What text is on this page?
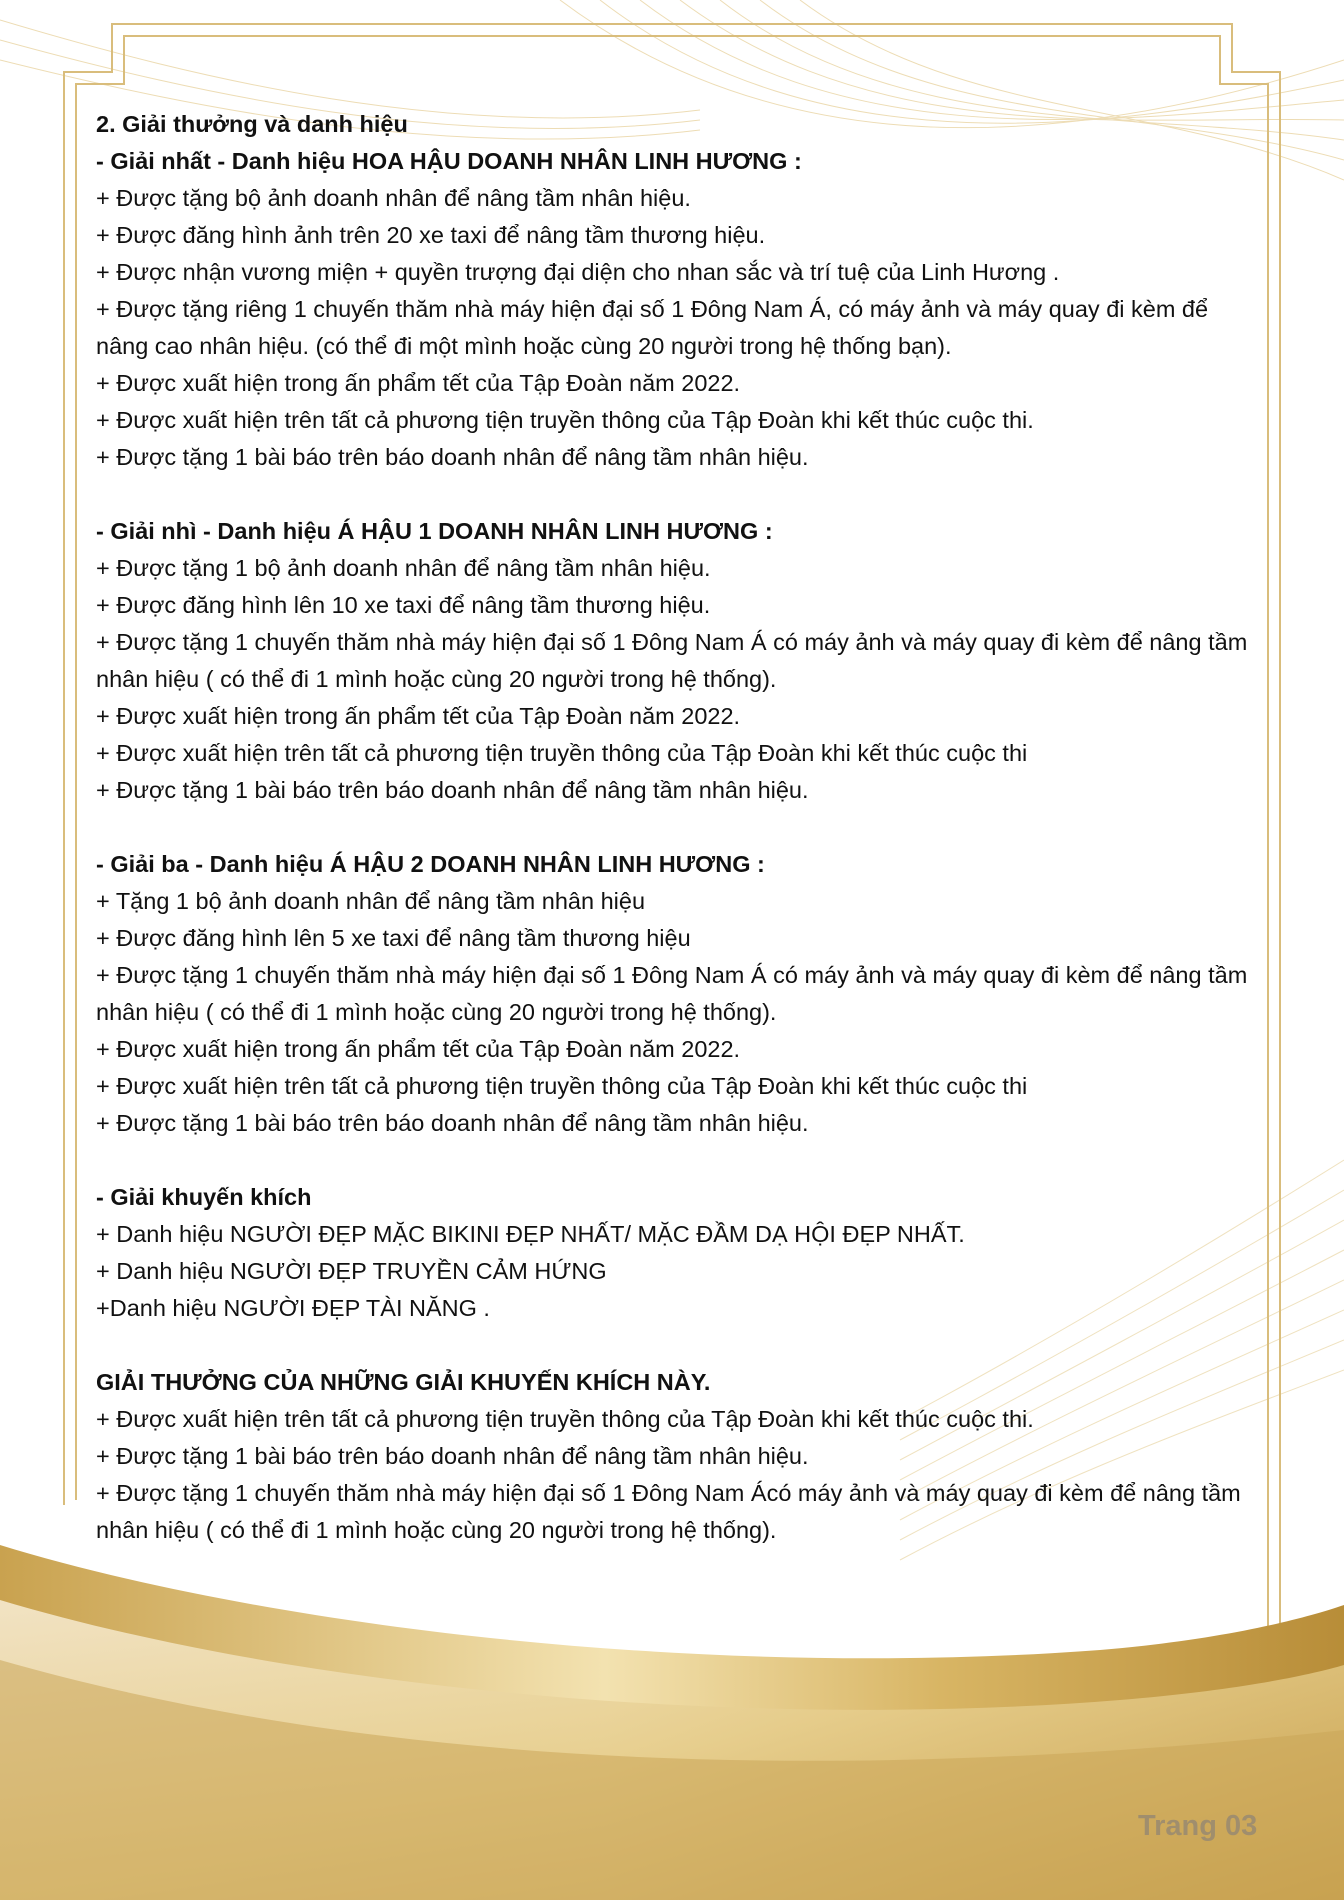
2. Giải thưởng và danh hiệu
- Giải nhất - Danh hiệu HOA HẬU DOANH NHÂN LINH HƯƠNG :
+ Được tặng bộ ảnh doanh nhân để nâng tầm nhân hiệu.
+ Được đăng hình ảnh trên 20 xe taxi để nâng tầm thương hiệu.
+ Được nhận vương miện + quyền trượng đại diện cho nhan sắc và trí tuệ của Linh Hương .
+ Được tặng riêng 1 chuyến thăm nhà máy hiện đại số 1 Đông Nam Á, có máy ảnh và máy quay đi kèm để nâng cao nhân hiệu. (có thể đi một mình hoặc cùng 20 người trong hệ thống bạn).
+ Được xuất hiện trong ấn phẩm tết của Tập Đoàn năm 2022.
+ Được xuất hiện trên tất cả phương tiện truyền thông của Tập Đoàn khi kết thúc cuộc thi.
+ Được tặng 1 bài báo trên báo doanh nhân để nâng tầm nhân hiệu.
- Giải nhì - Danh hiệu Á HẬU 1 DOANH NHÂN LINH HƯƠNG :
+ Được tặng 1 bộ ảnh doanh nhân để nâng tầm nhân hiệu.
+ Được đăng hình lên 10 xe taxi để nâng tầm thương hiệu.
+ Được tặng 1 chuyến thăm nhà máy hiện đại số 1 Đông Nam Á có máy ảnh và máy quay đi kèm để nâng tầm nhân hiệu ( có thể đi 1 mình hoặc cùng 20 người trong hệ thống).
+ Được xuất hiện trong ấn phẩm tết của Tập Đoàn năm 2022.
+ Được xuất hiện trên tất cả phương tiện truyền thông của Tập Đoàn khi kết thúc cuộc thi
+ Được tặng 1 bài báo trên báo doanh nhân để nâng tầm nhân hiệu.
- Giải ba - Danh hiệu Á HẬU 2 DOANH NHÂN LINH HƯƠNG :
+ Tặng 1 bộ ảnh doanh nhân để nâng tầm nhân hiệu
+ Được đăng hình lên 5 xe taxi để nâng tầm thương hiệu
+ Được tặng 1 chuyến thăm nhà máy hiện đại số 1 Đông Nam Á có máy ảnh và máy quay đi kèm để nâng tầm nhân hiệu ( có thể đi 1 mình hoặc cùng 20 người trong hệ thống).
+ Được xuất hiện trong ấn phẩm tết của Tập Đoàn năm 2022.
+ Được xuất hiện trên tất cả phương tiện truyền thông của Tập Đoàn khi kết thúc cuộc thi
+ Được tặng 1 bài báo trên báo doanh nhân để nâng tầm nhân hiệu.
- Giải khuyến khích
+ Danh hiệu NGƯỜI ĐẸP MẶC BIKINI ĐẸP NHẤT/ MẶC ĐẦM DẠ HỘI ĐẸP NHẤT.
+ Danh hiệu NGƯỜI ĐẸP TRUYỀN CẢM HỨNG
+Danh hiệu NGƯỜI ĐẸP TÀI NĂNG .
GIẢI THƯỞNG CỦA NHỮNG GIẢI KHUYẾN KHÍCH NÀY.
+ Được xuất hiện trên tất cả phương tiện truyền thông của Tập Đoàn khi kết thúc cuộc thi.
+ Được tặng 1 bài báo trên báo doanh nhân để nâng tầm nhân hiệu.
+ Được tặng 1 chuyến thăm nhà máy hiện đại số 1 Đông Nam Ácó máy ảnh và máy quay đi kèm để nâng tầm nhân hiệu ( có thể đi 1 mình hoặc cùng 20 người trong hệ thống).
Trang 03
